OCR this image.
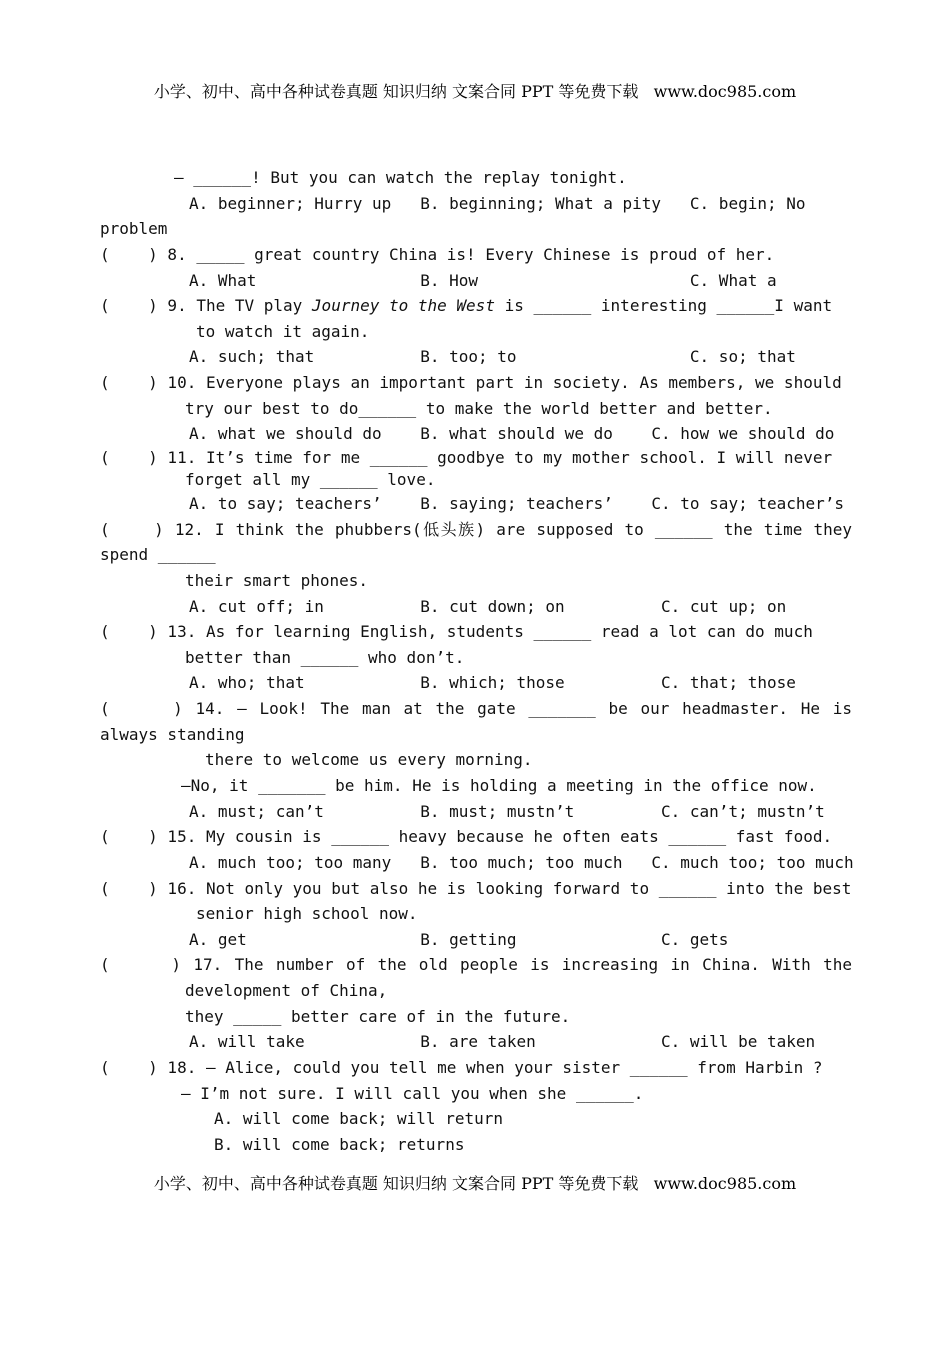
小学、初中、高中各种试卷真题 知识归纳 文案合同 PPT 等免费下载   www.doc985.com
— ______! But you can watch the replay tonight.
A. beginner; Hurry up   B. beginning; What a pity   C. begin; No
problem
(    ) 8. _____ great country China is! Every Chinese is proud of her.
A. What                 B. How                      C. What a
(    ) 9. The TV play Journey to the West is ______ interesting ______I want
to watch it again.
A. such; that           B. too; to                  C. so; that
(    ) 10. Everyone plays an important part in society. As members, we should
try our best to do______ to make the world better and better.
A. what we should do    B. what should we do    C. how we should do
(    ) 11. It’s time for me ______ goodbye to my mother school. I will never
forget all my ______ love.
A. to say; teachers’    B. saying; teachers’    C. to say; teacher’s
(    ) 12. I think the phubbers(低头族) are supposed to ______ the time they
spend ______
their smart phones.
A. cut off; in          B. cut down; on          C. cut up; on
(    ) 13. As for learning English, students ______ read a lot can do much
better than ______ who don’t.
A. who; that            B. which; those          C. that; those
(     ) 14. — Look! The man at the gate _______ be our headmaster. He is
always standing
there to welcome us every morning.
—No, it _______ be him. He is holding a meeting in the office now.
A. must; can’t          B. must; mustn’t         C. can’t; mustn’t
(    ) 15. My cousin is ______ heavy because he often eats ______ fast food.
A. much too; too many   B. too much; too much   C. much too; too much
(    ) 16. Not only you but also he is looking forward to ______ into the best
senior high school now.
A. get                  B. getting               C. gets
(     ) 17. The number of the old people is increasing in China. With the
development of China,
they _____ better care of in the future.
A. will take            B. are taken             C. will be taken
(    ) 18. — Alice, could you tell me when your sister ______ from Harbin ?
— I’m not sure. I will call you when she ______.
A. will come back; will return
B. will come back; returns
小学、初中、高中各种试卷真题 知识归纳 文案合同 PPT 等免费下载   www.doc985.com
